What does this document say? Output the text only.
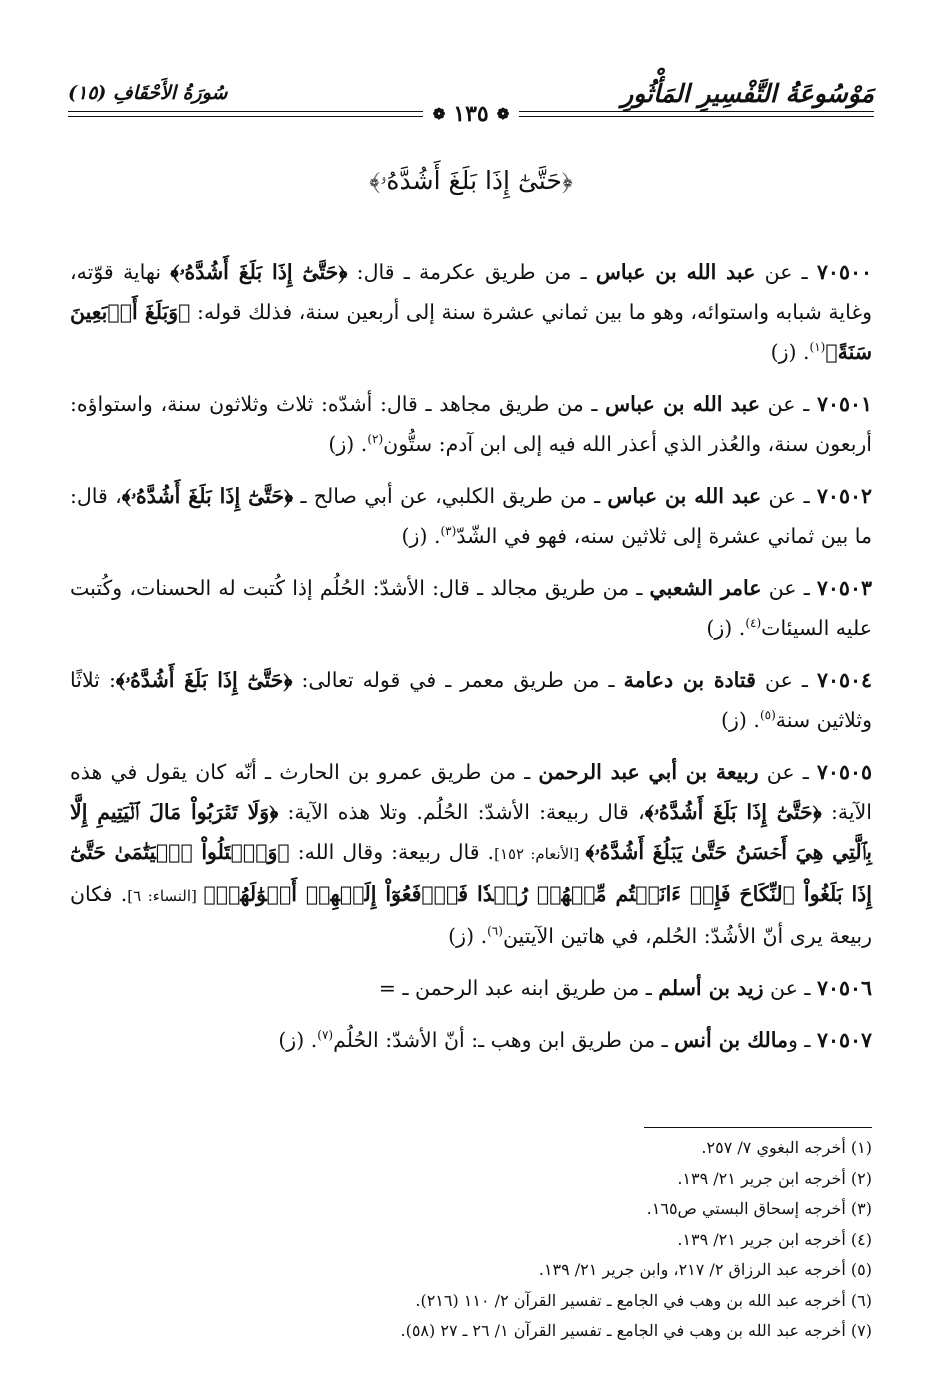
مَوْسُوعَةُ التَّفْسِيرِ المَأْثُورِ
سُورَةُ الأَحْقَافِ (١٥)
❁
١٣٥
❁
﴿حَتَّىٰٓ إِذَا بَلَغَ أَشُدَّهُۥ﴾

٧٠٥٠٠ ـ عن عبد الله بن عباس ـ من طريق عكرمة ـ قال: ﴿حَتَّىٰٓ إِذَا بَلَغَ أَشُدَّهُۥ﴾ نهاية قوّته، وغاية شبابه واستوائه، وهو ما بين ثماني عشرة سنة إلى أربعين سنة، فذلك قوله: ﴿وَبَلَغَ أَرۡبَعِينَ سَنَةً﴾$^{(١)}$. (ز)

٧٠٥٠١ ـ عن عبد الله بن عباس ـ من طريق مجاهد ـ قال: أشدّه: ثلاث وثلاثون سنة، واستواؤه: أربعون سنة، والعُذر الذي أعذر الله فيه إلى ابن آدم: ستُّون$^{(٢)}$. (ز)

٧٠٥٠٢ ـ عن عبد الله بن عباس ـ من طريق الكلبي، عن أبي صالح ـ ﴿حَتَّىٰٓ إِذَا بَلَغَ أَشُدَّهُۥ﴾، قال: ما بين ثماني عشرة إلى ثلاثين سنه، فهو في الشّدّ$^{(٣)}$. (ز)

٧٠٥٠٣ ـ عن عامر الشعبي ـ من طريق مجالد ـ قال: الأشدّ: الحُلُم إذا كُتبت له الحسنات، وكُتبت عليه السيئات$^{(٤)}$. (ز)

٧٠٥٠٤ ـ عن قتادة بن دعامة ـ من طريق معمر ـ في قوله تعالى: ﴿حَتَّىٰٓ إِذَا بَلَغَ أَشُدَّهُۥ﴾: ثلاثًا وثلاثين سنة$^{(٥)}$. (ز)

٧٠٥٠٥ ـ عن ربيعة بن أبي عبد الرحمن ـ من طريق عمرو بن الحارث ـ أنّه كان يقول في هذه الآية: ﴿حَتَّىٰٓ إِذَا بَلَغَ أَشُدَّهُۥ﴾، قال ربيعة: الأشدّ: الحُلُم. وتلا هذه الآية: ﴿وَلَا تَقۡرَبُواْ مَالَ ٱلۡيَتِيمِ إِلَّا بِٱلَّتِي هِيَ أَحۡسَنُ حَتَّىٰ يَبۡلُغَ أَشُدَّهُۥ﴾ [الأنعام: ١٥٢]. قال ربيعة: وقال الله: ﴿وَٱبۡتَلُواْ ٱلۡيَتَٰمَىٰ حَتَّىٰٓ إِذَا بَلَغُواْ ٱلنِّكَاحَ فَإِنۡ ءَانَسۡتُم مِّنۡهُمۡ رُشۡدٗا فَٱدۡفَعُوٓاْ إِلَيۡهِمۡ أَمۡوَٰلَهُمۡ﴾ [النساء: ٦]. فكان ربيعة يرى أنّ الأشُدّ: الحُلم، في هاتين الآيتين$^{(٦)}$. (ز)

٧٠٥٠٦ ـ عن زيد بن أسلم ـ من طريق ابنه عبد الرحمن ـ =

٧٠٥٠٧ ـ ومالك بن أنس ـ من طريق ابن وهب ـ: أنّ الأشدّ: الحُلُم$^{(٧)}$. (ز)

(١) أخرجه البغوي ٧/ ٢٥٧.
(٢) أخرجه ابن جرير ٢١/ ١٣٩.
(٣) أخرجه إسحاق البستي ص١٦٥.
(٤) أخرجه ابن جرير ٢١/ ١٣٩.
(٥) أخرجه عبد الرزاق ٢/ ٢١٧، وابن جرير ٢١/ ١٣٩.
(٦) أخرجه عبد الله بن وهب في الجامع ـ تفسير القرآن ٢/ ١١٠ (٢١٦).
(٧) أخرجه عبد الله بن وهب في الجامع ـ تفسير القرآن ١/ ٢٦ ـ ٢٧ (٥٨).
